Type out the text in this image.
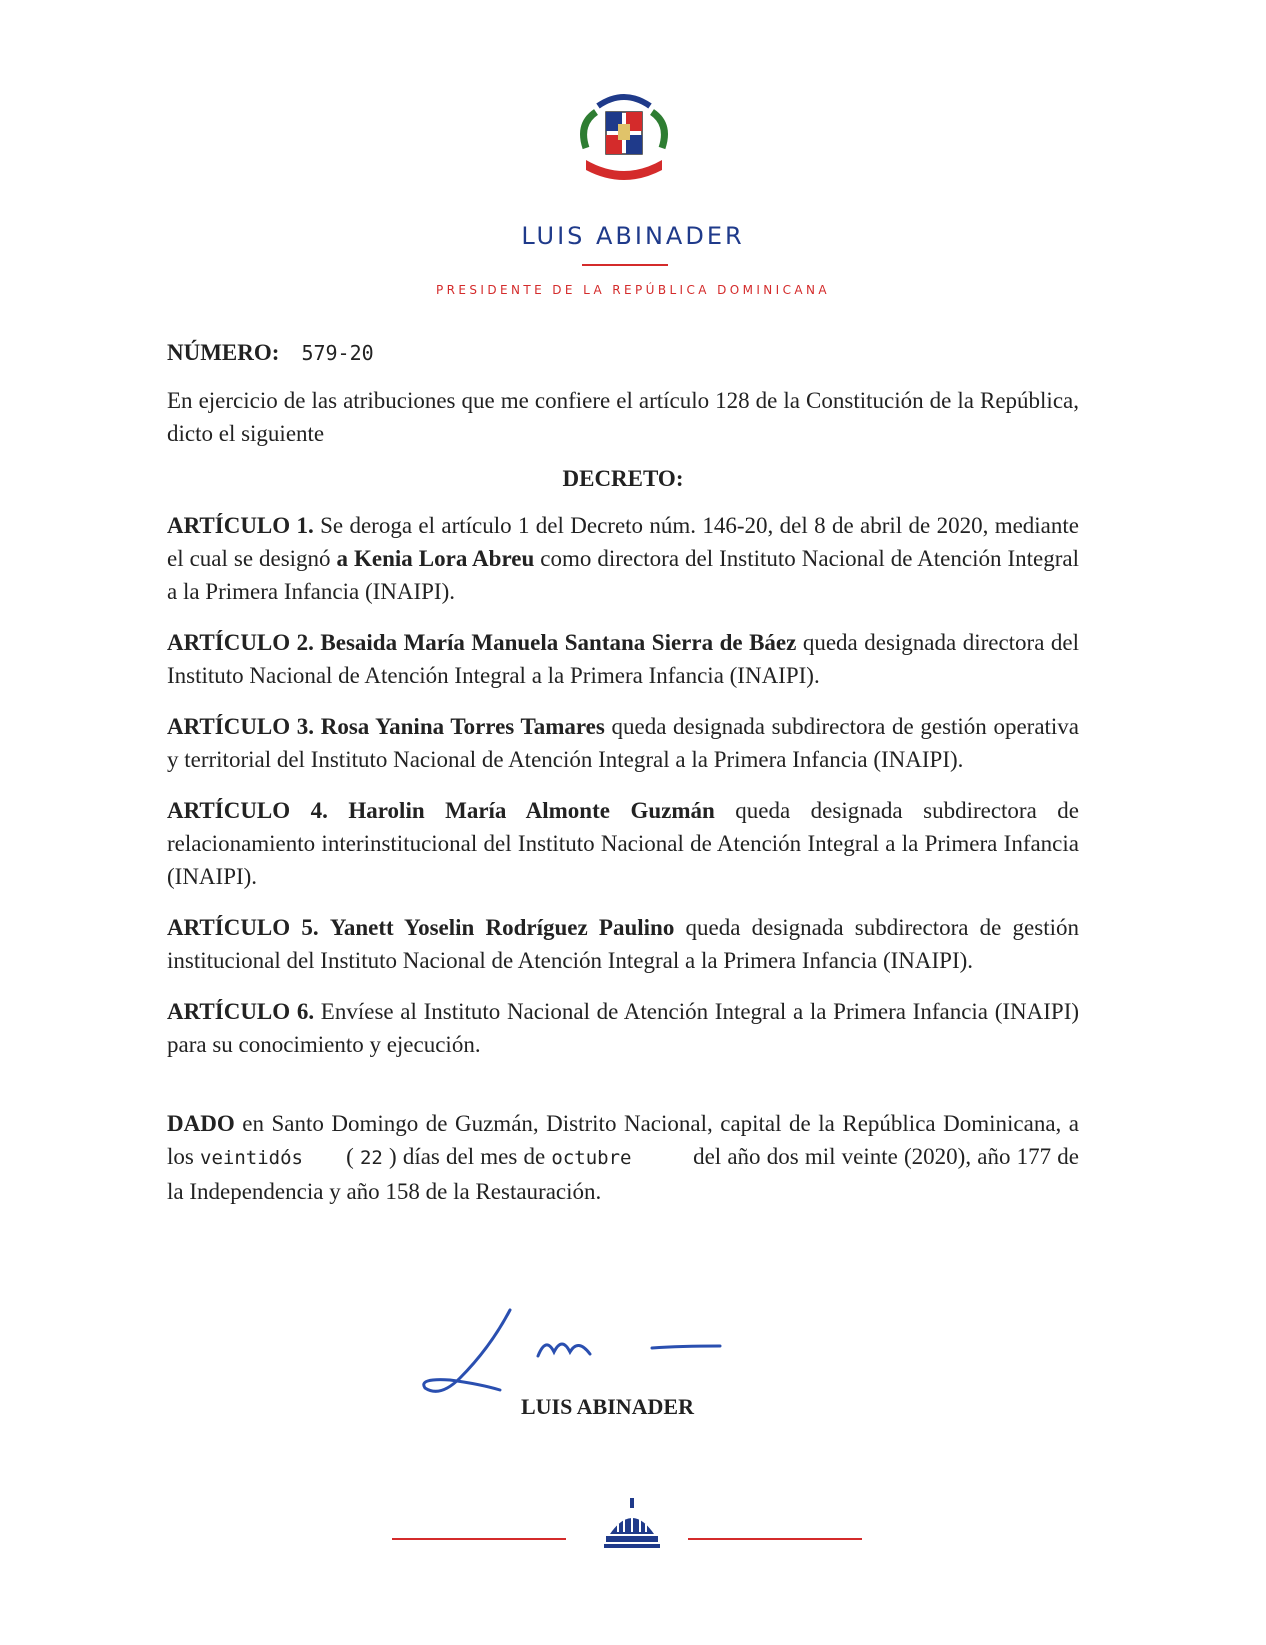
LUIS ABINADER
PRESIDENTE DE LA REPÚBLICA DOMINICANA

NÚMERO: 579-20

En ejercicio de las atribuciones que me confiere el artículo 128 de la Constitución de la República, dicto el siguiente

DECRETO:

ARTÍCULO 1. Se deroga el artículo 1 del Decreto núm. 146-20, del 8 de abril de 2020, mediante el cual se designó a Kenia Lora Abreu como directora del Instituto Nacional de Atención Integral a la Primera Infancia (INAIPI).

ARTÍCULO 2. Besaida María Manuela Santana Sierra de Báez queda designada directora del Instituto Nacional de Atención Integral a la Primera Infancia (INAIPI).

ARTÍCULO 3. Rosa Yanina Torres Tamares queda designada subdirectora de gestión operativa y territorial del Instituto Nacional de Atención Integral a la Primera Infancia (INAIPI).

ARTÍCULO 4. Harolin María Almonte Guzmán queda designada subdirectora de relacionamiento interinstitucional del Instituto Nacional de Atención Integral a la Primera Infancia (INAIPI).

ARTÍCULO 5. Yanett Yoselin Rodríguez Paulino queda designada subdirectora de gestión institucional del Instituto Nacional de Atención Integral a la Primera Infancia (INAIPI).

ARTÍCULO 6. Envíese al Instituto Nacional de Atención Integral a la Primera Infancia (INAIPI) para su conocimiento y ejecución.

DADO en Santo Domingo de Guzmán, Distrito Nacional, capital de la República Dominicana, a los veintidós ( 22 ) días del mes de octubre          del año dos mil veinte (2020), año 177 de la Independencia y año 158 de la Restauración.

LUIS ABINADER
